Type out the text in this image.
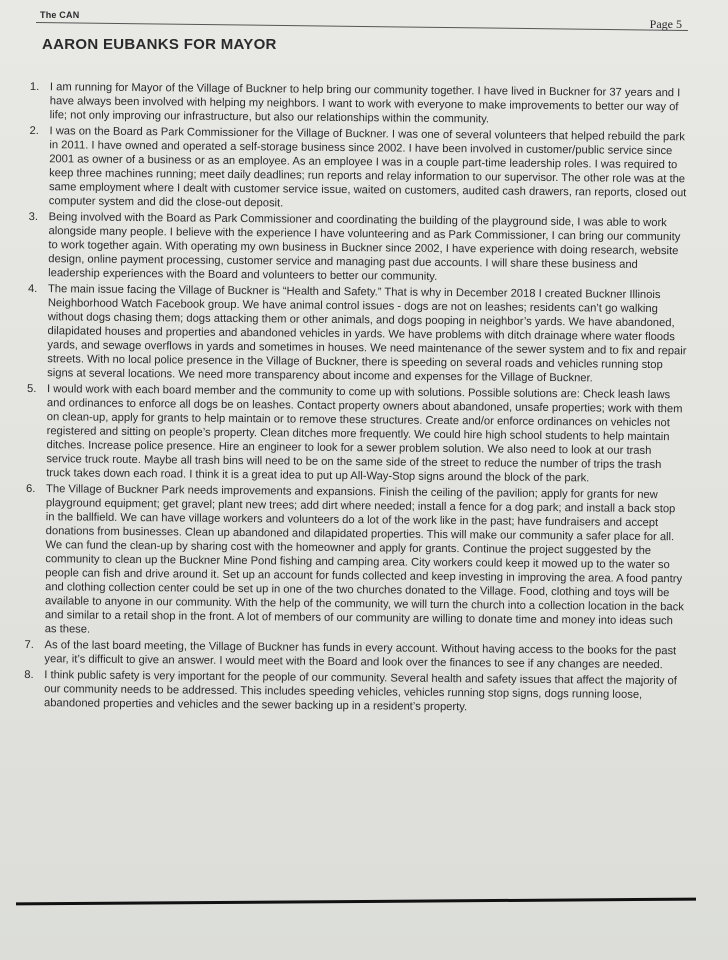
The CAN
Page 5
AARON EUBANKS FOR MAYOR
1. I am running for Mayor of the Village of Buckner to help bring our community together. I have lived in Buckner for 37 years and I have always been involved with helping my neighbors. I want to work with everyone to make improvements to better our way of life; not only improving our infrastructure, but also our relationships within the community.
2. I was on the Board as Park Commissioner for the Village of Buckner. I was one of several volunteers that helped rebuild the park in 2011. I have owned and operated a self-storage business since 2002. I have been involved in customer/public service since 2001 as owner of a business or as an employee. As an employee I was in a couple part-time leadership roles. I was required to keep three machines running; meet daily deadlines; run reports and relay information to our supervisor. The other role was at the same employment where I dealt with customer service issue, waited on customers, audited cash drawers, ran reports, closed out computer system and did the close-out deposit.
3. Being involved with the Board as Park Commissioner and coordinating the building of the playground side, I was able to work alongside many people. I believe with the experience I have volunteering and as Park Commissioner, I can bring our community to work together again. With operating my own business in Buckner since 2002, I have experience with doing research, website design, online payment processing, customer service and managing past due accounts. I will share these business and leadership experiences with the Board and volunteers to better our community.
4. The main issue facing the Village of Buckner is “Health and Safety.” That is why in December 2018 I created Buckner Illinois Neighborhood Watch Facebook group. We have animal control issues - dogs are not on leashes; residents can’t go walking without dogs chasing them; dogs attacking them or other animals, and dogs pooping in neighbor’s yards. We have abandoned, dilapidated houses and properties and abandoned vehicles in yards. We have problems with ditch drainage where water floods yards, and sewage overflows in yards and sometimes in houses. We need maintenance of the sewer system and to fix and repair streets. With no local police presence in the Village of Buckner, there is speeding on several roads and vehicles running stop signs at several locations. We need more transparency about income and expenses for the Village of Buckner.
5. I would work with each board member and the community to come up with solutions. Possible solutions are: Check leash laws and ordinances to enforce all dogs be on leashes. Contact property owners about abandoned, unsafe properties; work with them on clean-up, apply for grants to help maintain or to remove these structures. Create and/or enforce ordinances on vehicles not registered and sitting on people’s property. Clean ditches more frequently. We could hire high school students to help maintain ditches. Increase police presence. Hire an engineer to look for a sewer problem solution. We also need to look at our trash service truck route. Maybe all trash bins will need to be on the same side of the street to reduce the number of trips the trash truck takes down each road. I think it is a great idea to put up All-Way-Stop signs around the block of the park.
6. The Village of Buckner Park needs improvements and expansions. Finish the ceiling of the pavilion; apply for grants for new playground equipment; get gravel; plant new trees; add dirt where needed; install a fence for a dog park; and install a back stop in the ballfield. We can have village workers and volunteers do a lot of the work like in the past; have fundraisers and accept donations from businesses. Clean up abandoned and dilapidated properties. This will make our community a safer place for all. We can fund the clean-up by sharing cost with the homeowner and apply for grants. Continue the project suggested by the community to clean up the Buckner Mine Pond fishing and camping area. City workers could keep it mowed up to the water so people can fish and drive around it. Set up an account for funds collected and keep investing in improving the area. A food pantry and clothing collection center could be set up in one of the two churches donated to the Village. Food, clothing and toys will be available to anyone in our community. With the help of the community, we will turn the church into a collection location in the back and similar to a retail shop in the front. A lot of members of our community are willing to donate time and money into ideas such as these.
7. As of the last board meeting, the Village of Buckner has funds in every account. Without having access to the books for the past year, it’s difficult to give an answer. I would meet with the Board and look over the finances to see if any changes are needed.
8. I think public safety is very important for the people of our community. Several health and safety issues that affect the majority of our community needs to be addressed. This includes speeding vehicles, vehicles running stop signs, dogs running loose, abandoned properties and vehicles and the sewer backing up in a resident’s property.
